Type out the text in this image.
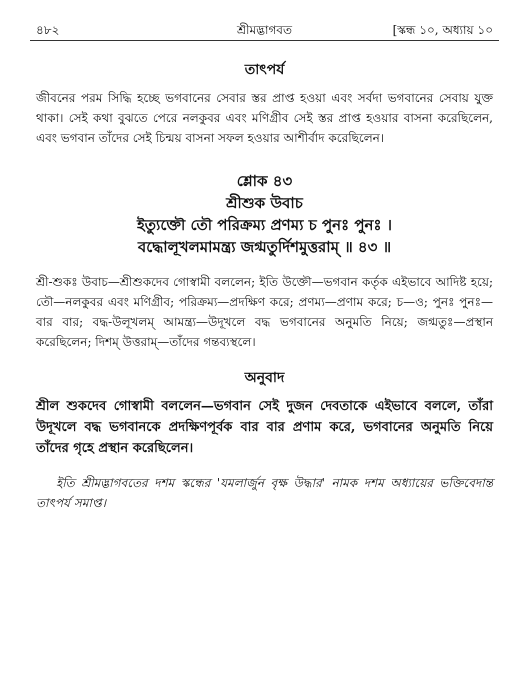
৪৮২	শ্রীমদ্ভাগবত	[স্কন্ধ ১০, অধ্যায় ১০
তাৎপর্য

জীবনের পরম সিদ্ধি হচ্ছে ভগবানের সেবার স্তর প্রাপ্ত হওয়া এবং সর্বদা ভগবানের সেবায় যুক্ত থাকা। সেই কথা বুঝতে পেরে নলকুবর এবং মণিগ্রীব সেই স্তর প্রাপ্ত হওয়ার বাসনা করেছিলেন, এবং ভগবান তাঁদের সেই চিন্ময় বাসনা সফল হওয়ার আশীর্বাদ করেছিলেন।

শ্লোক ৪৩
শ্রীশুক উবাচ
ইত্যুক্তৌ তৌ পরিক্রম্য প্রণম্য চ পুনঃ পুনঃ ।
বদ্ধোলূখলমামন্ত্র্য জগ্মতুর্দিশমুত্তরাম্ ॥ ৪৩ ॥

শ্রী-শুকঃ উবাচ—শ্রীশুকদেব গোস্বামী বললেন; ইতি উক্তৌ—ভগবান কর্তৃক এইভাবে আদিষ্ট হয়ে; তৌ—নলকুবর এবং মণিগ্রীব; পরিক্রম্য—প্রদক্ষিণ করে; প্রণম্য—প্রণাম করে; চ—ও; পুনঃ পুনঃ—বার বার; বদ্ধ-উলূখলম্ আমন্ত্র্য—উদূখলে বদ্ধ ভগবানের অনুমতি নিয়ে; জগ্মতুঃ—প্রস্থান করেছিলেন; দিশম্ উত্তরাম্—তাঁদের গন্তব্যস্থলে।

অনুবাদ

শ্রীল শুকদেব গোস্বামী বললেন—ভগবান সেই দুজন দেবতাকে এইভাবে বললে, তাঁরা উদূখলে বদ্ধ ভগবানকে প্রদক্ষিণপূর্বক বার বার প্রণাম করে, ভগবানের অনুমতি নিয়ে তাঁদের গৃহে প্রস্থান করেছিলেন।

ইতি শ্রীমদ্ভাগবতের দশম স্কন্ধের 'যমলার্জুন বৃক্ষ উদ্ধার' নামক দশম অধ্যায়ের ভক্তিবেদান্ত তাৎপর্য সমাপ্ত।
